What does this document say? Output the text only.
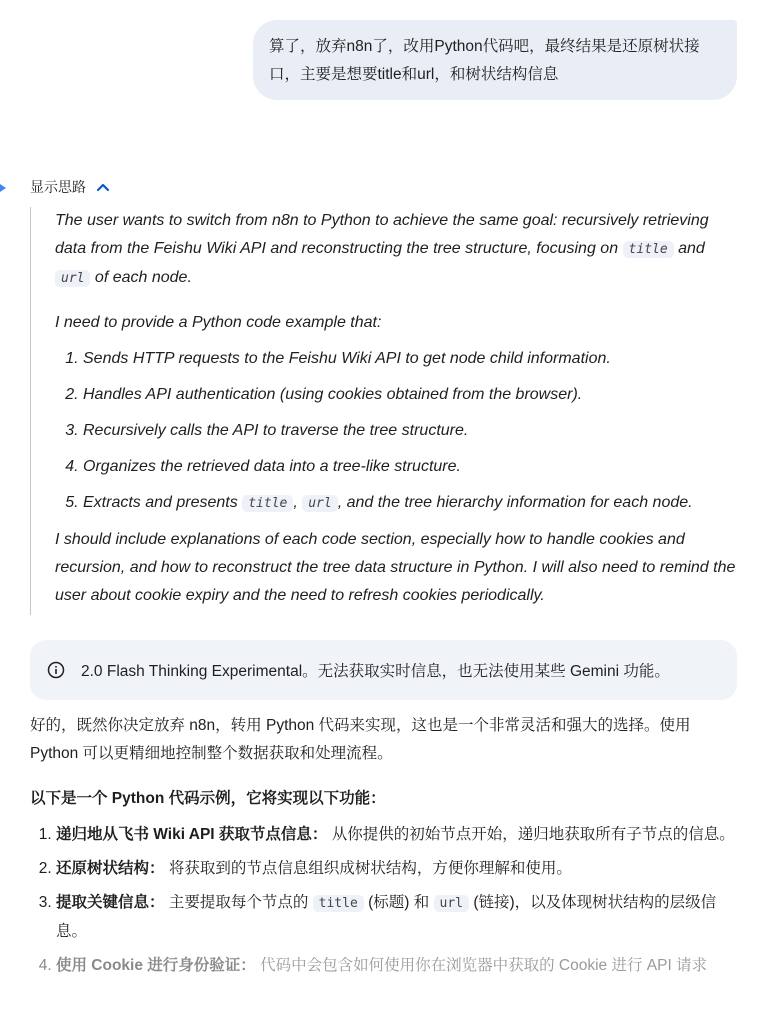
算了，放弃n8n了，改用Python代码吧，最终结果是还原树状接口，主要是想要title和url，和树状结构信息
显示思路

The user wants to switch from n8n to Python to achieve the same goal: recursively retrieving data from the Feishu Wiki API and reconstructing the tree structure, focusing on title and url of each node.

I need to provide a Python code example that:

1. Sends HTTP requests to the Feishu Wiki API to get node child information.
2. Handles API authentication (using cookies obtained from the browser).
3. Recursively calls the API to traverse the tree structure.
4. Organizes the retrieved data into a tree-like structure.
5. Extracts and presents title , url , and the tree hierarchy information for each node.

I should include explanations of each code section, especially how to handle cookies and recursion, and how to reconstruct the tree data structure in Python. I will also need to remind the user about cookie expiry and the need to refresh cookies periodically.

2.0 Flash Thinking Experimental。无法获取实时信息，也无法使用某些 Gemini 功能。

好的，既然你决定放弃 n8n，转用 Python 代码来实现，这也是一个非常灵活和强大的选择。使用 Python 可以更精细地控制整个数据获取和处理流程。

以下是一个 Python 代码示例，它将实现以下功能：

1. 递归地从飞书 Wiki API 获取节点信息： 从你提供的初始节点开始，递归地获取所有子节点的信息。
2. 还原树状结构： 将获取到的节点信息组织成树状结构，方便你理解和使用。
3. 提取关键信息： 主要提取每个节点的 title (标题) 和 url (链接)，以及体现树状结构的层级信息。
4. 使用 Cookie 进行身份验证： 代码中会包含如何使用你在浏览器中获取的 Cookie 进行 API 请求
